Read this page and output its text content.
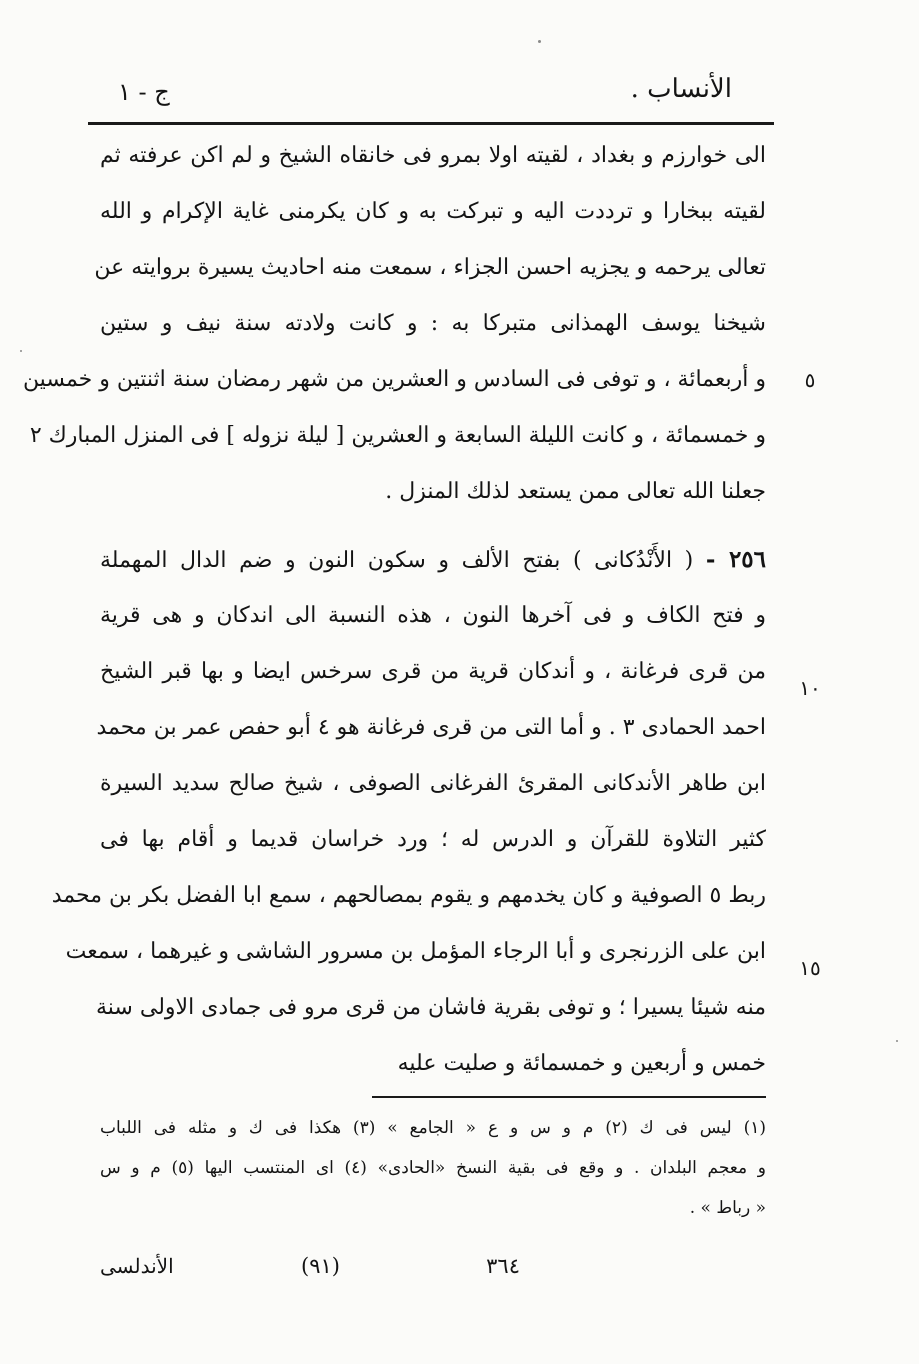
الأنساب .
ج - ١
٥
١٠
١٥
الى خوارزم و بغداد ، لقيته اولا بمرو فى خانقاه الشيخ و لم اكن عرفته ثم
لقيته ببخارا و ترددت اليه و تبركت به و كان يكرمنى غاية الإكرام و الله
تعالى يرحمه و يجزيه احسن الجزاء ، سمعت منه احاديث يسيرة بروايته عن
شيخنا يوسف الهمذانى متبركا به : و كانت ولادته سنة نيف و ستين
و أربعمائة ، و توفى فى السادس و العشرين من شهر رمضان سنة اثنتين و خمسين
و خمسمائة ، و كانت الليلة السابعة و العشرين [ ليلة نزوله ] فى المنزل المبارك ٢
جعلنا الله تعالى ممن يستعد لذلك المنزل .
٢٥٦ - ( الأَنْدُكانى ) بفتح الألف و سكون النون و ضم الدال المهملة
و فتح الكاف و فى آخرها النون ، هذه النسبة الى اندكان و هى قرية
من قرى فرغانة ، و أندكان قرية من قرى سرخس ايضا و بها قبر الشيخ
احمد الحمادى ٣ . و أما التى من قرى فرغانة هو ٤ أبو حفص عمر بن محمد
ابن طاهر الأندكانى المقرئ الفرغانى الصوفى ، شيخ صالح سديد السيرة
كثير التلاوة للقرآن و الدرس له ؛ ورد خراسان قديما و أقام بها فى
ربط ٥ الصوفية و كان يخدمهم و يقوم بمصالحهم ، سمع ابا الفضل بكر بن محمد
ابن على الزرنجرى و أبا الرجاء المؤمل بن مسرور الشاشى و غيرهما ، سمعت
منه شيئا يسيرا ؛ و توفى بقرية فاشان من قرى مرو فى جمادى الاولى سنة
خمس و أربعين و خمسمائة و صليت عليه
(١) ليس فى ك (٢) م و س و ع « الجامع » (٣) هكذا فى ك و مثله فى اللباب
و معجم البلدان . و وقع فى بقية النسخ «الحادى» (٤) اى المنتسب اليها (٥) م و س
« رباط » .
٣٦٤
(٩١)
الأندلسى
